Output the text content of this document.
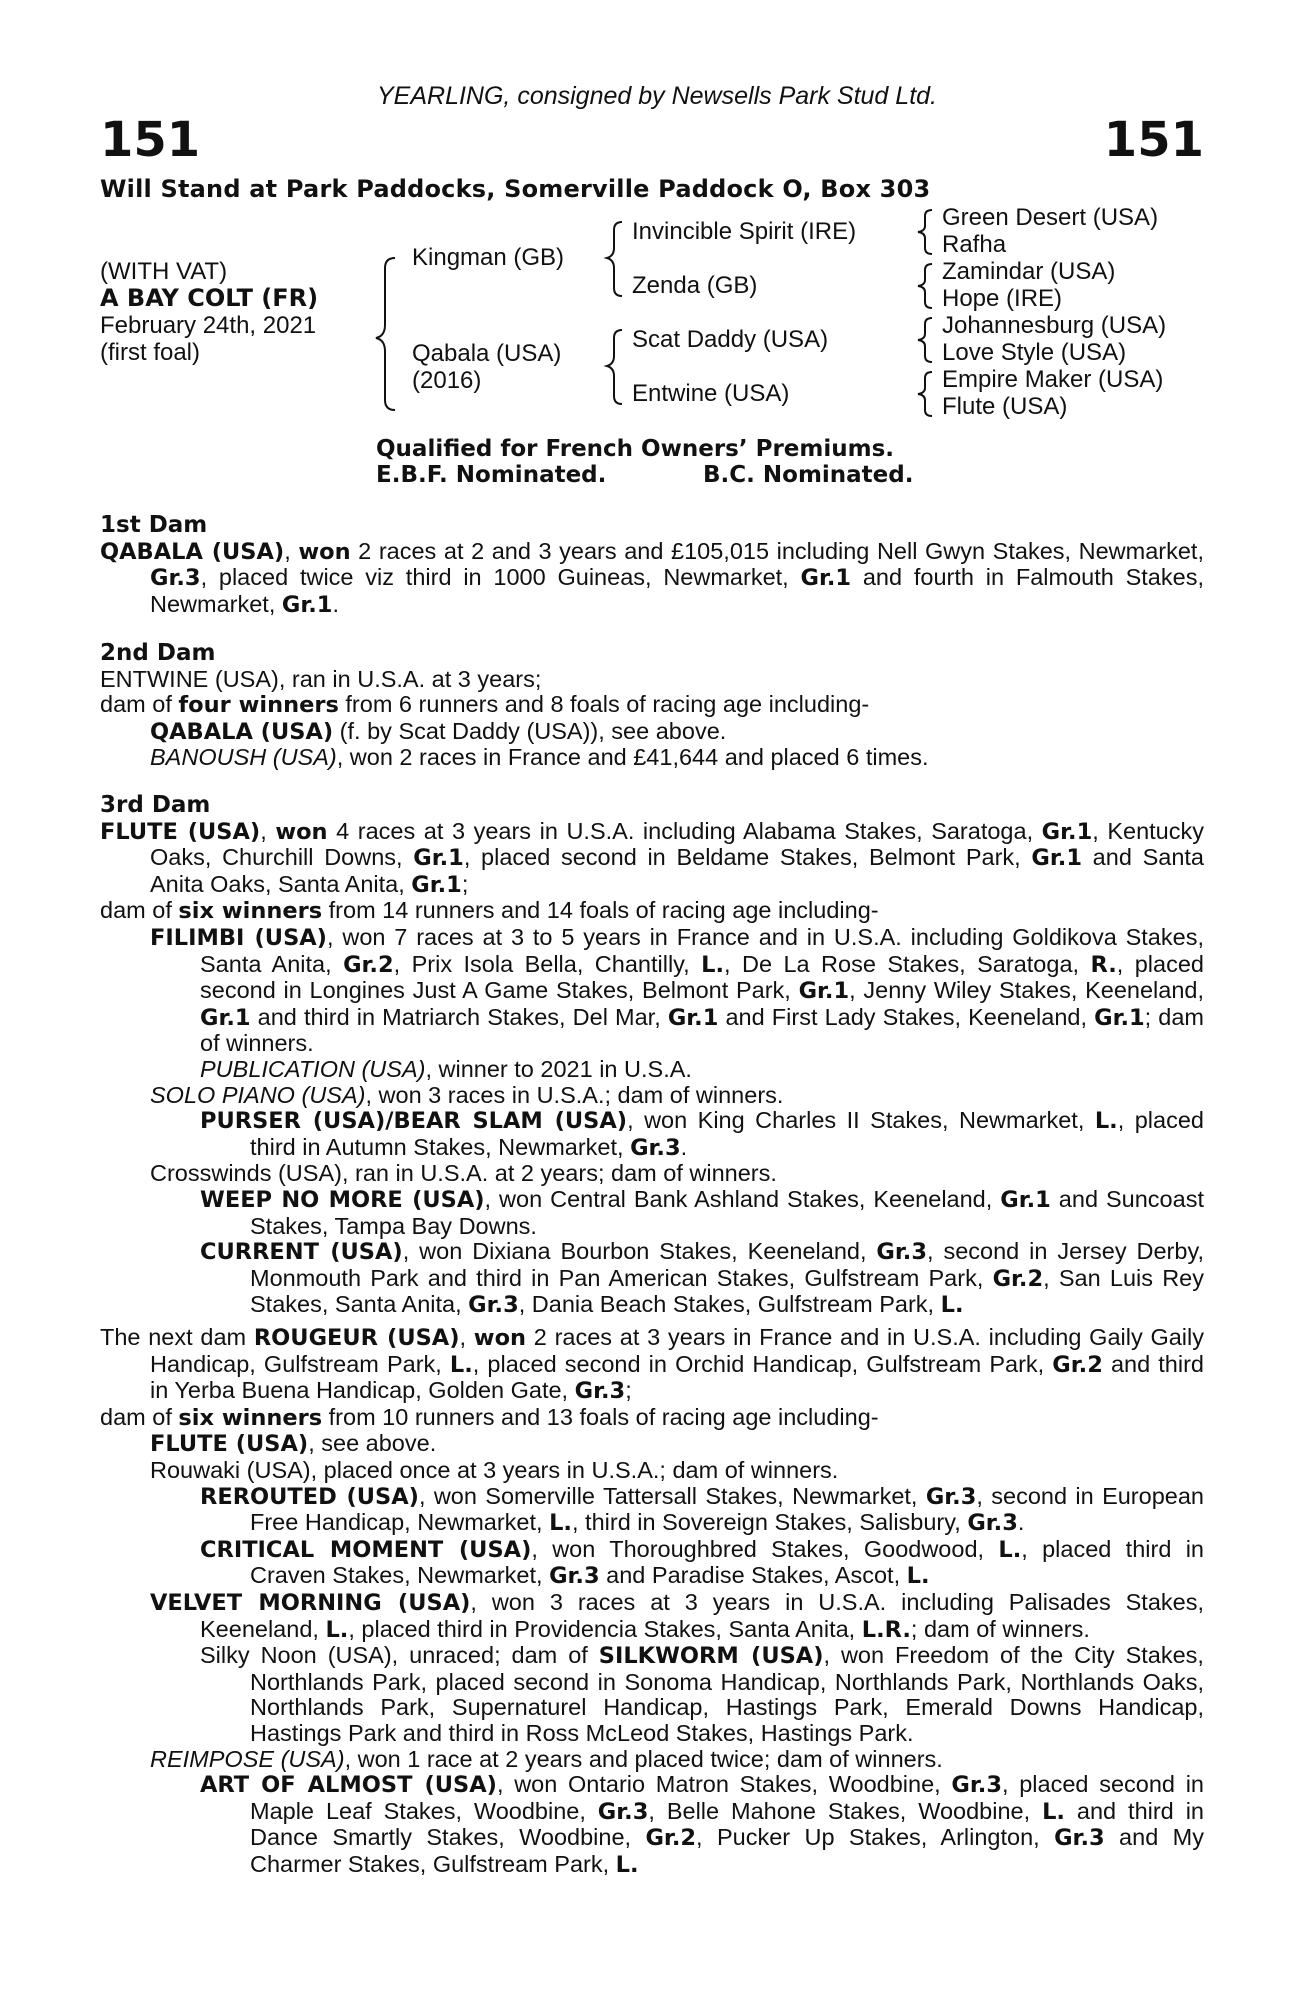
YEARLING, consigned by Newsells Park Stud Ltd.
151	151
Will Stand at Park Paddocks, Somerville Paddock O, Box 303
(WITH VAT)
A BAY COLT (FR)
February 24th, 2021
(first foal)
Kingman (GB)
Qabala (USA)
(2016)
Invincible Spirit (IRE)
Zenda (GB)
Scat Daddy (USA)
Entwine (USA)
Green Desert (USA)
Rafha
Zamindar (USA)
Hope (IRE)
Johannesburg (USA)
Love Style (USA)
Empire Maker (USA)
Flute (USA)
Qualified for French Owners’ Premiums.
E.B.F. Nominated.	B.C. Nominated.

1st Dam

QABALA (USA), won 2 races at 2 and 3 years and £105,015 including Nell Gwyn Stakes, Newmarket, Gr.3, placed twice viz third in 1000 Guineas, Newmarket, Gr.1 and fourth in Falmouth Stakes, Newmarket, Gr.1.

2nd Dam

ENTWINE (USA), ran in U.S.A. at 3 years;

dam of four winners from 6 runners and 8 foals of racing age including-

QABALA (USA) (f. by Scat Daddy (USA)), see above.

BANOUSH (USA), won 2 races in France and £41,644 and placed 6 times.

3rd Dam

FLUTE (USA), won 4 races at 3 years in U.S.A. including Alabama Stakes, Saratoga, Gr.1, Kentucky Oaks, Churchill Downs, Gr.1, placed second in Beldame Stakes, Belmont Park, Gr.1 and Santa Anita Oaks, Santa Anita, Gr.1;

dam of six winners from 14 runners and 14 foals of racing age including-

FILIMBI (USA), won 7 races at 3 to 5 years in France and in U.S.A. including Goldikova Stakes, Santa Anita, Gr.2, Prix Isola Bella, Chantilly, L., De La Rose Stakes, Saratoga, R., placed second in Longines Just A Game Stakes, Belmont Park, Gr.1, Jenny Wiley Stakes, Keeneland, Gr.1 and third in Matriarch Stakes, Del Mar, Gr.1 and First Lady Stakes, Keeneland, Gr.1; dam of winners.

PUBLICATION (USA), winner to 2021 in U.S.A.

SOLO PIANO (USA), won 3 races in U.S.A.; dam of winners.

PURSER (USA)/BEAR SLAM (USA), won King Charles II Stakes, Newmarket, L., placed third in Autumn Stakes, Newmarket, Gr.3.

Crosswinds (USA), ran in U.S.A. at 2 years; dam of winners.

WEEP NO MORE (USA), won Central Bank Ashland Stakes, Keeneland, Gr.1 and Suncoast Stakes, Tampa Bay Downs.

CURRENT (USA), won Dixiana Bourbon Stakes, Keeneland, Gr.3, second in Jersey Derby, Monmouth Park and third in Pan American Stakes, Gulfstream Park, Gr.2, San Luis Rey Stakes, Santa Anita, Gr.3, Dania Beach Stakes, Gulfstream Park, L.

The next dam ROUGEUR (USA), won 2 races at 3 years in France and in U.S.A. including Gaily Gaily Handicap, Gulfstream Park, L., placed second in Orchid Handicap, Gulfstream Park, Gr.2 and third in Yerba Buena Handicap, Golden Gate, Gr.3;

dam of six winners from 10 runners and 13 foals of racing age including-

FLUTE (USA), see above.

Rouwaki (USA), placed once at 3 years in U.S.A.; dam of winners.

REROUTED (USA), won Somerville Tattersall Stakes, Newmarket, Gr.3, second in European Free Handicap, Newmarket, L., third in Sovereign Stakes, Salisbury, Gr.3.

CRITICAL MOMENT (USA), won Thoroughbred Stakes, Goodwood, L., placed third in Craven Stakes, Newmarket, Gr.3 and Paradise Stakes, Ascot, L.

VELVET MORNING (USA), won 3 races at 3 years in U.S.A. including Palisades Stakes, Keeneland, L., placed third in Providencia Stakes, Santa Anita, L.R.; dam of winners.

Silky Noon (USA), unraced; dam of SILKWORM (USA), won Freedom of the City Stakes, Northlands Park, placed second in Sonoma Handicap, Northlands Park, Northlands Oaks, Northlands Park, Supernaturel Handicap, Hastings Park, Emerald Downs Handicap, Hastings Park and third in Ross McLeod Stakes, Hastings Park.

REIMPOSE (USA), won 1 race at 2 years and placed twice; dam of winners.

ART OF ALMOST (USA), won Ontario Matron Stakes, Woodbine, Gr.3, placed second in Maple Leaf Stakes, Woodbine, Gr.3, Belle Mahone Stakes, Woodbine, L. and third in Dance Smartly Stakes, Woodbine, Gr.2, Pucker Up Stakes, Arlington, Gr.3 and My Charmer Stakes, Gulfstream Park, L.
